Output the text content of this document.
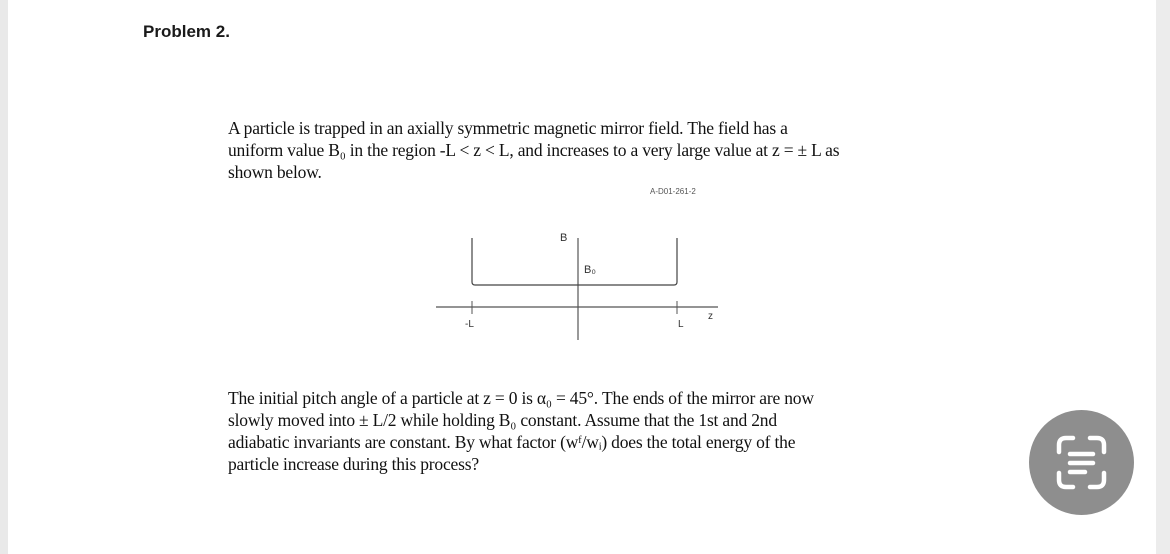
Problem 2.
A particle is trapped in an axially symmetric magnetic mirror field. The field has a
uniform value B₀ in the region -L < z < L, and increases to a very large value at z = ± L as
shown below.
A-D01-261-2
B
B₀
-L	L
z
The initial pitch angle of a particle at z = 0 is α₀ = 45°. The ends of the mirror are now
slowly moved into ± L/2 while holding B₀ constant. Assume that the 1st and 2nd
adiabatic invariants are constant. By what factor (wᶠ/wᵢ) does the total energy of the
particle increase during this process?
